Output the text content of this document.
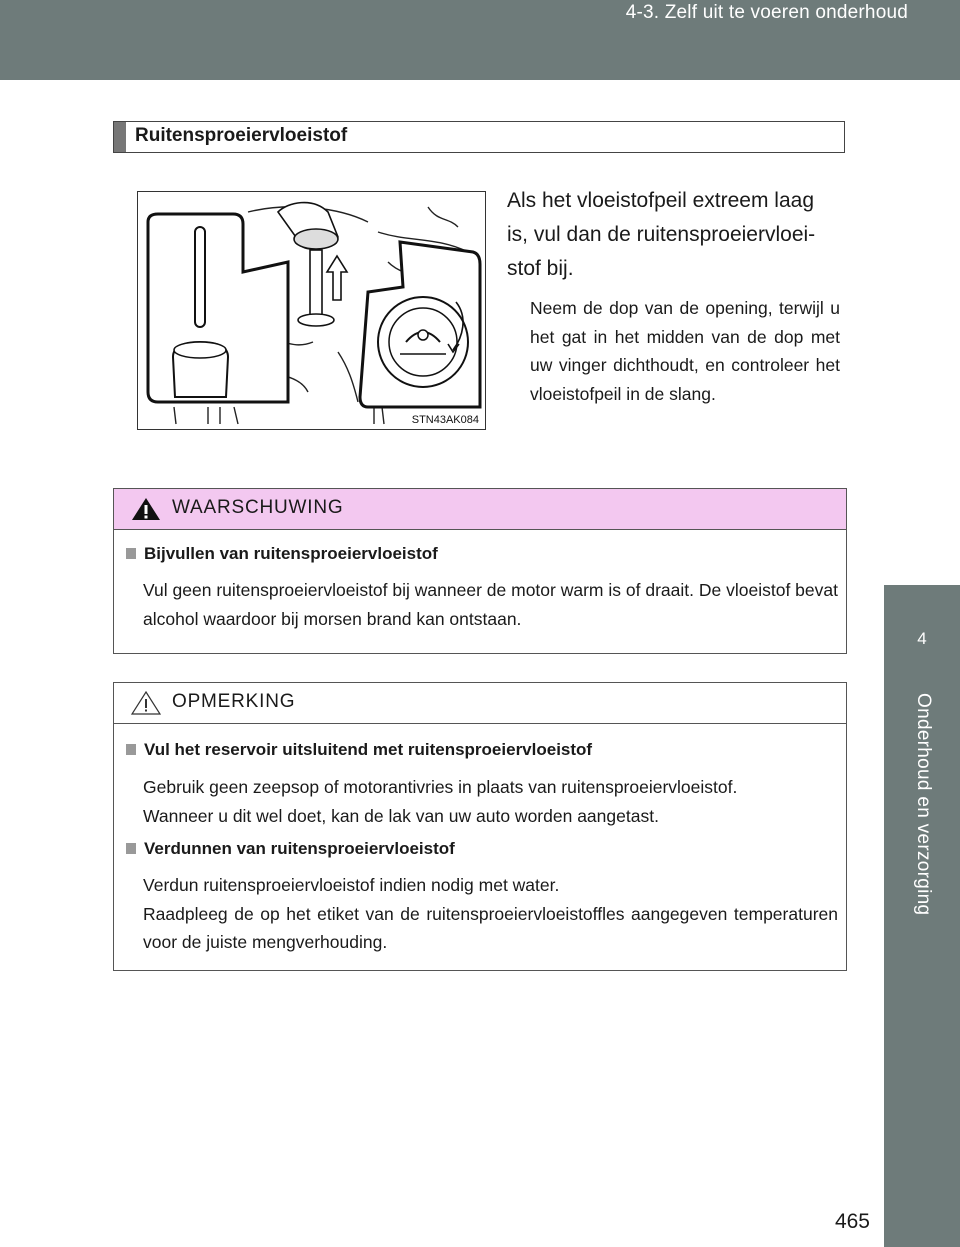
4-3. Zelf uit te voeren onderhoud
4
Onderhoud en verzorging
Ruitensproeiervloeistof
STN43AK084
Als het vloeistofpeil extreem laag is, vul dan de ruitensproeiervloei-stof bij.
Neem de dop van de opening, terwijl u het gat in het midden van de dop met uw vinger dichthoudt, en controleer het vloeistofpeil in de slang.
WAARSCHUWING
Bijvullen van ruitensproeiervloeistof
Vul geen ruitensproeiervloeistof bij wanneer de motor warm is of draait. De vloeistof bevat alcohol waardoor bij morsen brand kan ontstaan.
OPMERKING
Vul het reservoir uitsluitend met ruitensproeiervloeistof
Gebruik geen zeepsop of motorantivries in plaats van ruitensproeiervloeistof.
Wanneer u dit wel doet, kan de lak van uw auto worden aangetast.
Verdunnen van ruitensproeiervloeistof
Verdun ruitensproeiervloeistof indien nodig met water.
Raadpleeg de op het etiket van de ruitensproeiervloeistoffles aangegeven temperaturen voor de juiste mengverhouding.
465
